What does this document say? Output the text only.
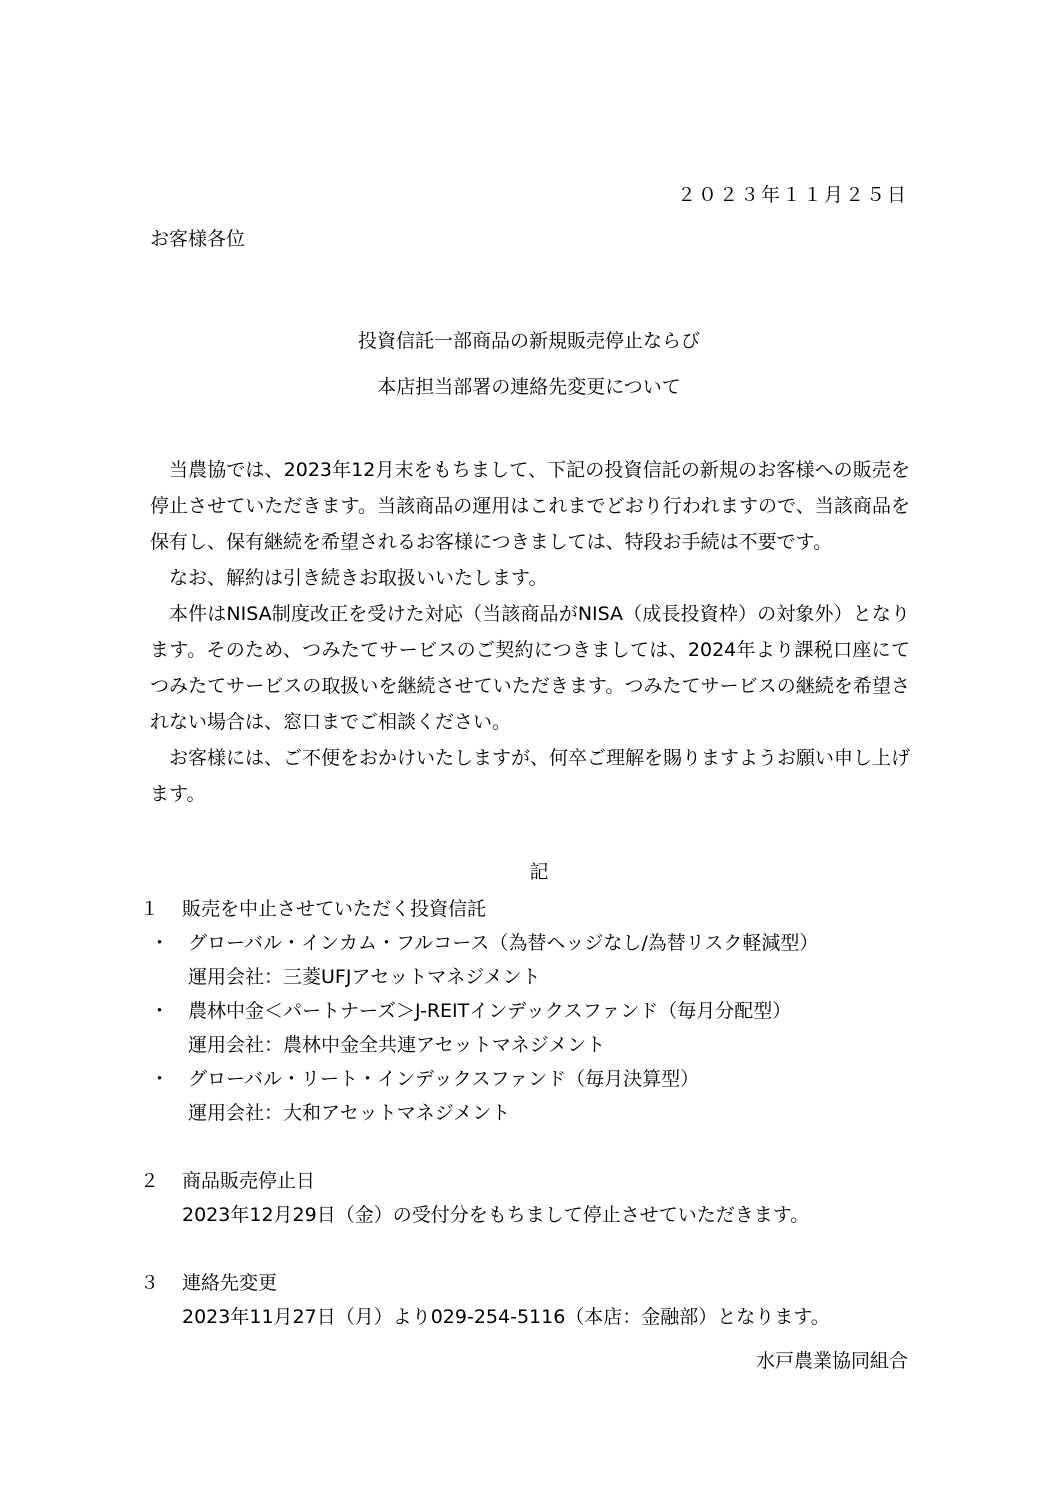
２０２３年１１月２５日
お客様各位
投資信託一部商品の新規販売停止ならび
本店担当部署の連絡先変更について

当農協では、2023年12月末をもちまして、下記の投資信託の新規のお客様への販売を停止させていただきます。当該商品の運用はこれまでどおり行われますので、当該商品を保有し、保有継続を希望されるお客様につきましては、特段お手続は不要です。

なお、解約は引き続きお取扱いいたします。

本件はNISA制度改正を受けた対応（当該商品がNISA（成長投資枠）の対象外）となります。そのため、つみたてサービスのご契約につきましては、2024年より課税口座にてつみたてサービスの取扱いを継続させていただきます。つみたてサービスの継続を希望されない場合は、窓口までご相談ください。

お客様には、ご不便をおかけいたしますが、何卒ご理解を賜りますようお願い申し上げます。

記
１	販売を中止させていただく投資信託
・ グローバル・インカム・フルコース（為替ヘッジなし/為替リスク軽減型）
運用会社：三菱UFJアセットマネジメント
・ 農林中金＜パートナーズ＞J-REITインデックスファンド（毎月分配型）
運用会社：農林中金全共連アセットマネジメント
・ グローバル・リート・インデックスファンド（毎月決算型）
運用会社：大和アセットマネジメント
２	商品販売停止日
2023年12月29日（金）の受付分をもちまして停止させていただきます。
３	連絡先変更
2023年11月27日（月）より029-254-5116（本店：金融部）となります。
水戸農業協同組合
